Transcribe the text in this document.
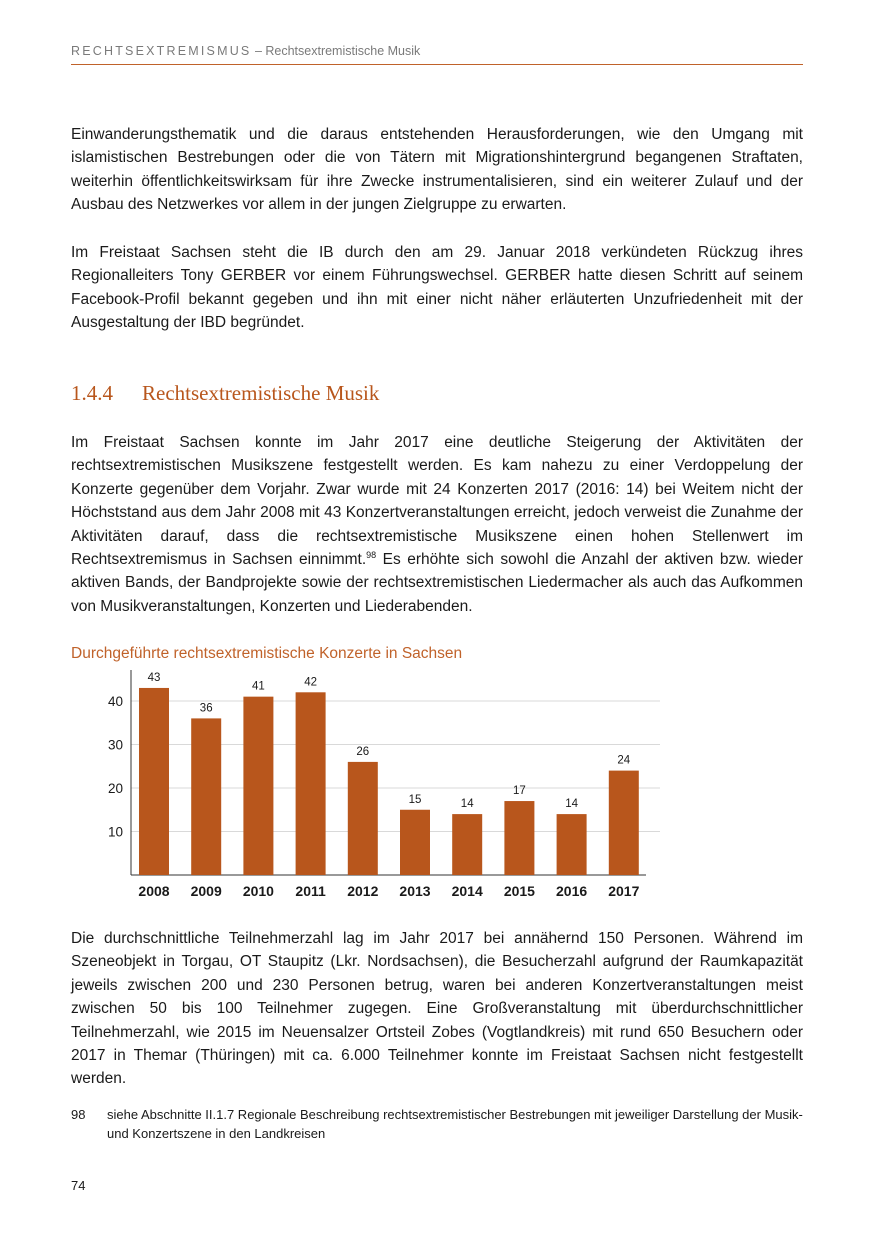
RECHTSEXTREMISMUS – Rechtsextremistische Musik
Einwanderungsthematik und die daraus entstehenden Herausforderungen, wie den Umgang mit islamistischen Bestrebungen oder die von Tätern mit Migrationshintergrund begangenen Straftaten, weiterhin öffentlichkeitswirksam für ihre Zwecke instrumentalisieren, sind ein weiterer Zulauf und der Ausbau des Netzwerkes vor allem in der jungen Zielgruppe zu erwarten.
Im Freistaat Sachsen steht die IB durch den am 29. Januar 2018 verkündeten Rückzug ihres Regionalleiters Tony GERBER vor einem Führungswechsel. GERBER hatte diesen Schritt auf seinem Facebook-Profil bekannt gegeben und ihn mit einer nicht näher erläuterten Unzufriedenheit mit der Ausgestaltung der IBD begründet.
1.4.4 Rechtsextremistische Musik
Im Freistaat Sachsen konnte im Jahr 2017 eine deutliche Steigerung der Aktivitäten der rechtsextremistischen Musikszene festgestellt werden. Es kam nahezu zu einer Verdoppelung der Konzerte gegenüber dem Vorjahr. Zwar wurde mit 24 Konzerten 2017 (2016: 14) bei Weitem nicht der Höchststand aus dem Jahr 2008 mit 43 Konzertveranstaltungen erreicht, jedoch verweist die Zunahme der Aktivitäten darauf, dass die rechtsextremistische Musikszene einen hohen Stellenwert im Rechtsextremismus in Sachsen einnimmt.$^{98}$ Es erhöhte sich sowohl die Anzahl der aktiven bzw. wieder aktiven Bands, der Bandprojekte sowie der rechtsextremistischen Liedermacher als auch das Aufkommen von Musikveranstaltungen, Konzerten und Liederabenden.
Durchgeführte rechtsextremistische Konzerte in Sachsen
10
20
30
40
43
2008
36
2009
41
2010
42
2011
26
2012
15
2013
14
2014
17
2015
14
2016
24
2017
Die durchschnittliche Teilnehmerzahl lag im Jahr 2017 bei annähernd 150 Personen. Während im Szeneobjekt in Torgau, OT Staupitz (Lkr. Nordsachsen), die Besucherzahl aufgrund der Raumkapazität jeweils zwischen 200 und 230 Personen betrug, waren bei anderen Konzertveranstaltungen meist zwischen 50 bis 100 Teilnehmer zugegen. Eine Großveranstaltung mit überdurchschnittlicher Teilnehmerzahl, wie 2015 im Neuensalzer Ortsteil Zobes (Vogtlandkreis) mit rund 650 Besuchern oder 2017 in Themar (Thüringen) mit ca. 6.000 Teilnehmer konnte im Freistaat Sachsen nicht festgestellt werden.
98 siehe Abschnitte II.1.7 Regionale Beschreibung rechtsextremistischer Bestrebungen mit jeweiliger Darstellung der Musik- und Konzertszene in den Landkreisen
74
